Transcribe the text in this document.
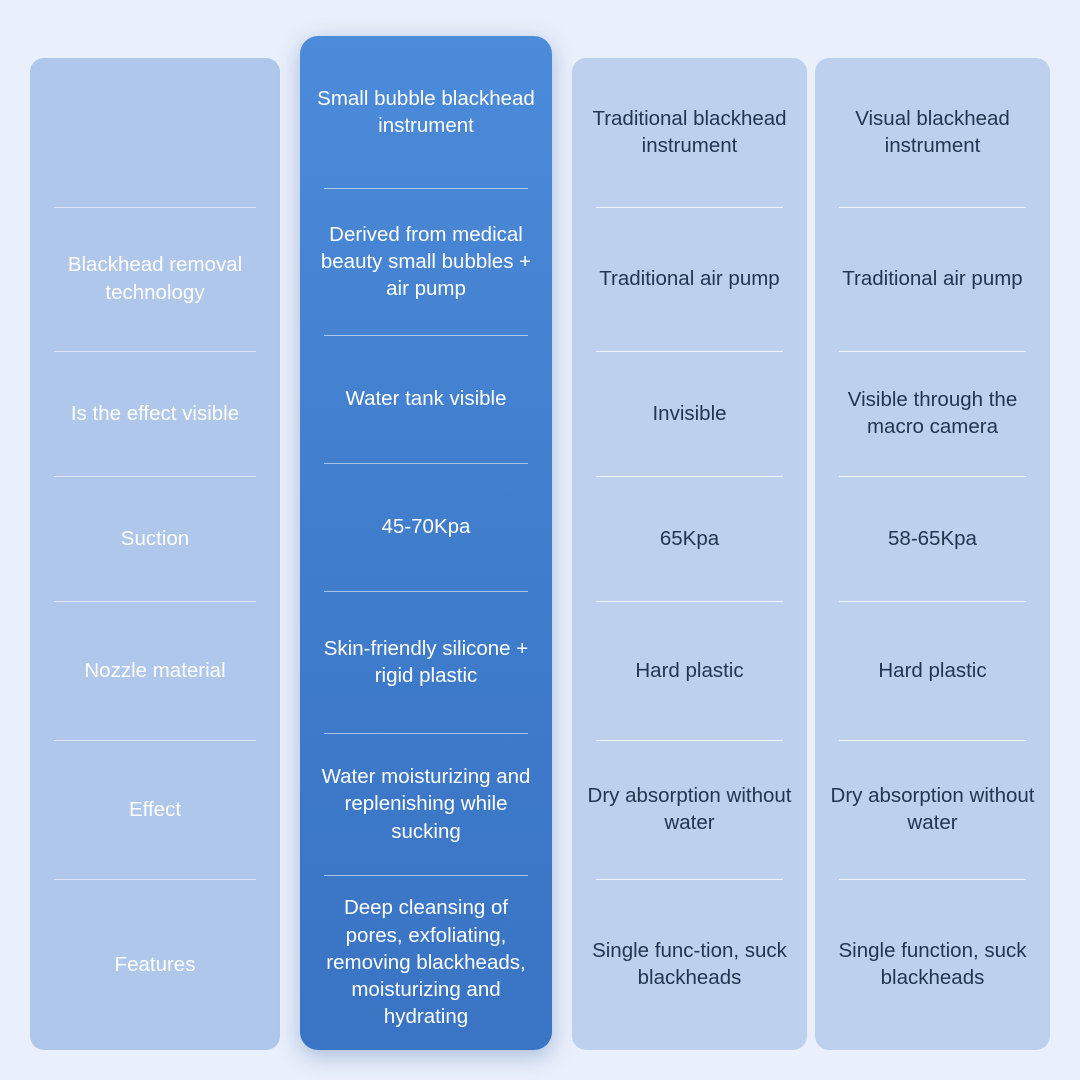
Blackhead removal technology
Is the effect visible
Suction
Nozzle material
Effect
Features
Small bubble blackhead instrument
Derived from medical beauty small bubbles + air pump
Water tank visible
45-70Kpa
Skin-friendly silicone + rigid plastic
Water moisturizing and replenishing while sucking
Deep cleansing of pores, exfoliating, removing blackheads, moisturizing and hydrating
Traditional blackhead instrument
Traditional air pump
Invisible
65Kpa
Hard plastic
Dry absorption without water
Single func-tion, suck blackheads
Visual blackhead instrument
Traditional air pump
Visible through the macro camera
58-65Kpa
Hard plastic
Dry absorption without water
Single function, suck blackheads
